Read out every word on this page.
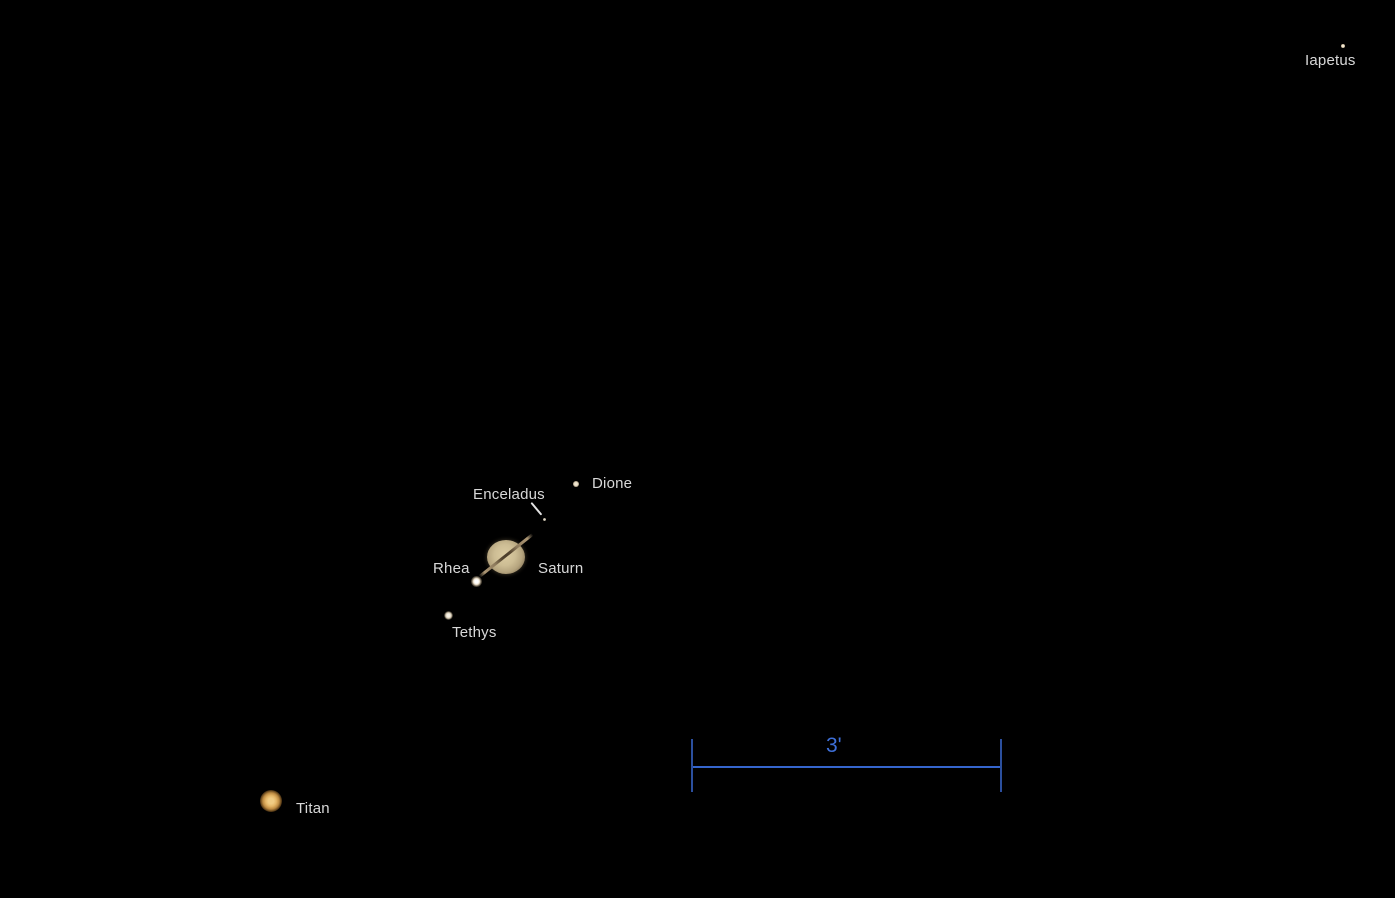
Iapetus
Dione
Enceladus
Saturn
Rhea
Tethys
Titan
3'
